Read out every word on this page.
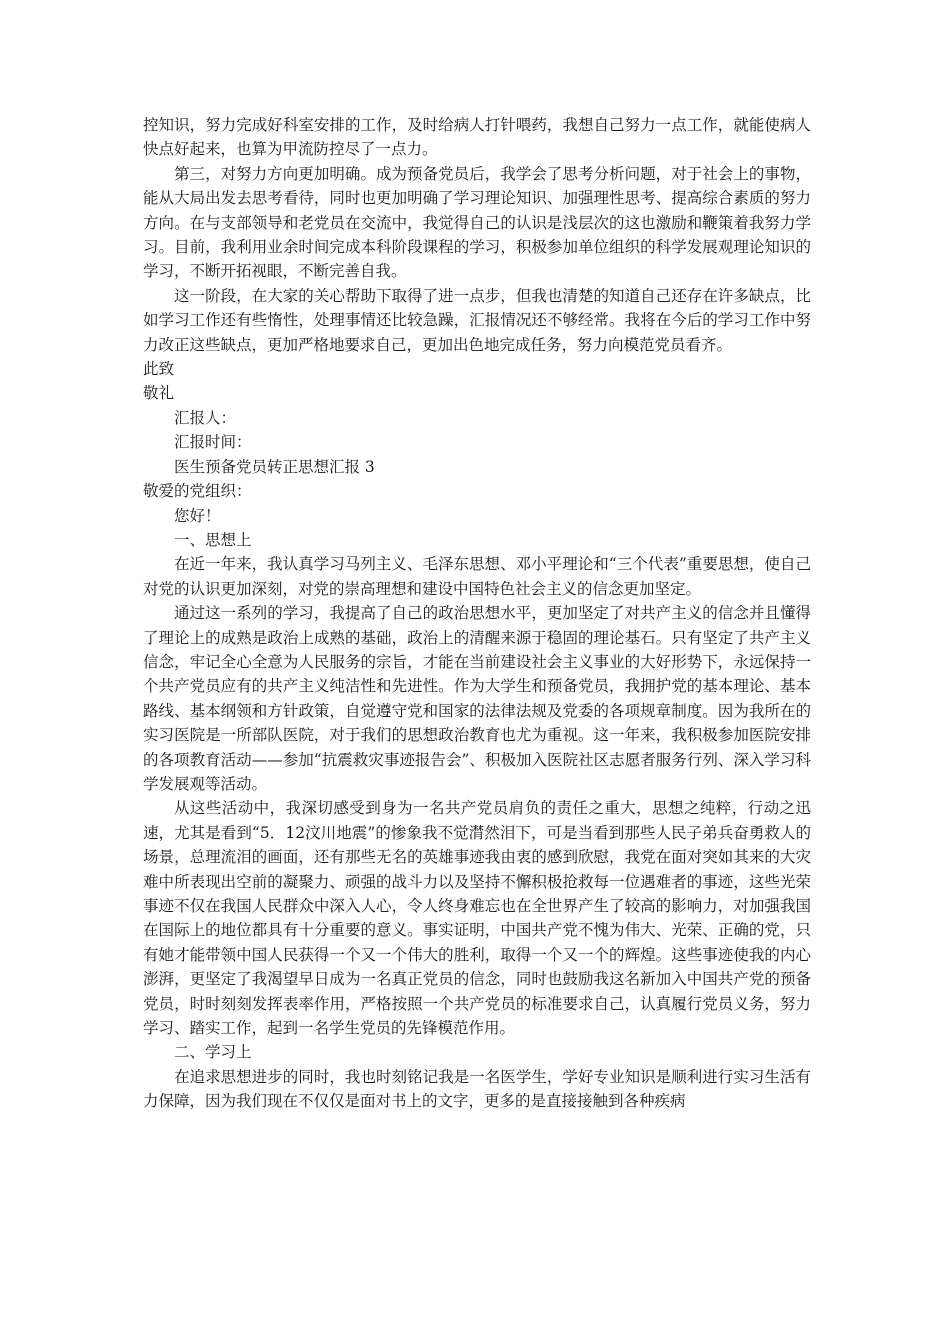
控知识，努力完成好科室安排的工作，及时给病人打针喂药，我想自己努力一点工作，就能使病人快点好起来，也算为甲流防控尽了一点力。

第三，对努力方向更加明确。成为预备党员后，我学会了思考分析问题，对于社会上的事物，能从大局出发去思考看待，同时也更加明确了学习理论知识、加强理性思考、提高综合素质的努力方向。在与支部领导和老党员在交流中，我觉得自己的认识是浅层次的这也激励和鞭策着我努力学习。目前，我利用业余时间完成本科阶段课程的学习，积极参加单位组织的科学发展观理论知识的学习，不断开拓视眼，不断完善自我。

这一阶段，在大家的关心帮助下取得了进一点步，但我也清楚的知道自己还存在许多缺点，比如学习工作还有些惰性，处理事情还比较急躁，汇报情况还不够经常。我将在今后的学习工作中努力改正这些缺点，更加严格地要求自己，更加出色地完成任务，努力向模范党员看齐。

此致

敬礼

汇报人：

汇报时间：

医生预备党员转正思想汇报 3

敬爱的党组织：

您好！

一、思想上

在近一年来，我认真学习马列主义、毛泽东思想、邓小平理论和“三个代表”重要思想，使自己对党的认识更加深刻，对党的崇高理想和建设中国特色社会主义的信念更加坚定。

通过这一系列的学习，我提高了自己的政治思想水平，更加坚定了对共产主义的信念并且懂得了理论上的成熟是政治上成熟的基础，政治上的清醒来源于稳固的理论基石。只有坚定了共产主义信念，牢记全心全意为人民服务的宗旨，才能在当前建设社会主义事业的大好形势下，永远保持一个共产党员应有的共产主义纯洁性和先进性。作为大学生和预备党员，我拥护党的基本理论、基本路线、基本纲领和方针政策，自觉遵守党和国家的法律法规及党委的各项规章制度。因为我所在的实习医院是一所部队医院，对于我们的思想政治教育也尤为重视。这一年来，我积极参加医院安排的各项教育活动——参加“抗震救灾事迹报告会”、积极加入医院社区志愿者服务行列、深入学习科学发展观等活动。

从这些活动中，我深切感受到身为一名共产党员肩负的责任之重大，思想之纯粹，行动之迅速，尤其是看到“5．12汶川地震”的惨象我不觉潸然泪下，可是当看到那些人民子弟兵奋勇救人的场景，总理流泪的画面，还有那些无名的英雄事迹我由衷的感到欣慰，我党在面对突如其来的大灾难中所表现出空前的凝聚力、顽强的战斗力以及坚持不懈积极抢救每一位遇难者的事迹，这些光荣事迹不仅在我国人民群众中深入人心，令人终身难忘也在全世界产生了较高的影响力，对加强我国在国际上的地位都具有十分重要的意义。事实证明，中国共产党不愧为伟大、光荣、正确的党，只有她才能带领中国人民获得一个又一个伟大的胜利，取得一个又一个的辉煌。这些事迹使我的内心澎湃，更坚定了我渴望早日成为一名真正党员的信念，同时也鼓励我这名新加入中国共产党的预备党员，时时刻刻发挥表率作用，严格按照一个共产党员的标准要求自己，认真履行党员义务，努力学习、踏实工作，起到一名学生党员的先锋模范作用。

二、学习上

在追求思想进步的同时，我也时刻铭记我是一名医学生，学好专业知识是顺利进行实习生活有力保障，因为我们现在不仅仅是面对书上的文字，更多的是直接接触到各种疾病
